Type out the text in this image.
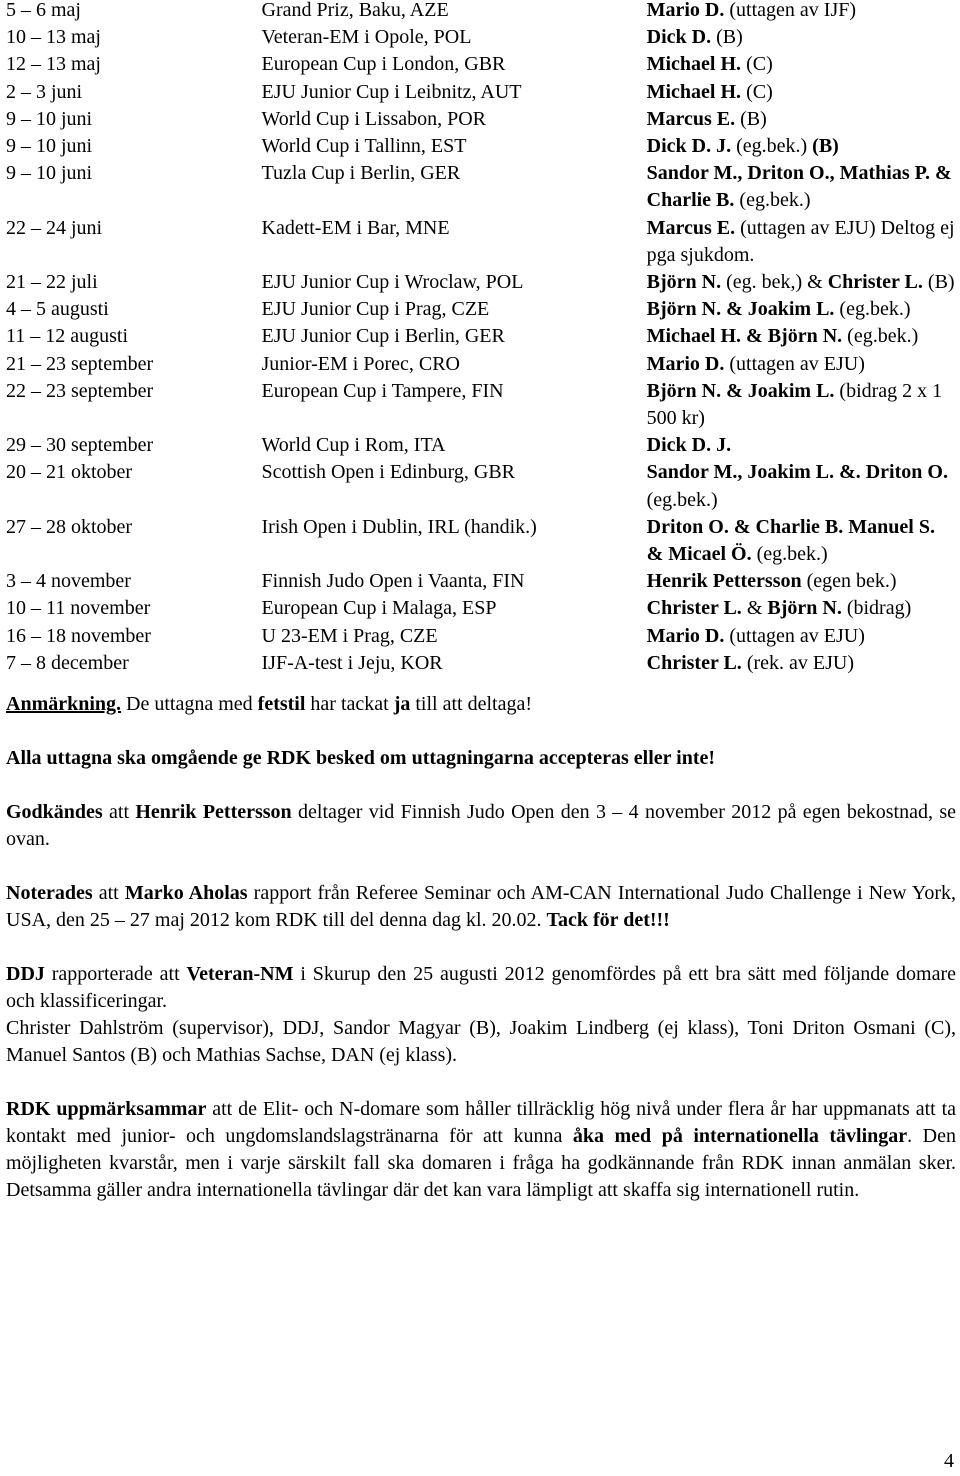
5 – 6 maj	Grand Priz, Baku, AZE	Mario D. (uttagen av IJF)
10 – 13 maj	Veteran-EM i Opole, POL	Dick D. (B)
12 – 13 maj	European Cup i London, GBR	Michael H. (C)
2 – 3 juni	EJU Junior Cup i Leibnitz, AUT	Michael H. (C)
9 – 10 juni	World Cup i Lissabon, POR	Marcus E. (B)
9 – 10 juni	World Cup i Tallinn, EST	Dick D. J. (eg.bek.) (B)
9 – 10 juni	Tuzla Cup i Berlin, GER	Sandor M., Driton O., Mathias P. & Charlie B. (eg.bek.)
22 – 24 juni	Kadett-EM i Bar, MNE	Marcus E. (uttagen av EJU) Deltog ej pga sjukdom.
21 – 22 juli	EJU Junior Cup i Wroclaw, POL	Björn N. (eg. bek,) & Christer L. (B)
4 – 5 augusti	EJU Junior Cup i Prag, CZE	Björn N. & Joakim L. (eg.bek.)
11 – 12 augusti	EJU Junior Cup i Berlin, GER	Michael H. & Björn N. (eg.bek.)
21 – 23 september	Junior-EM i Porec, CRO	Mario D. (uttagen av EJU)
22 – 23 september	European Cup i Tampere, FIN	Björn N. & Joakim L. (bidrag 2 x 1 500 kr)
29 – 30 september	World Cup i Rom, ITA	Dick D. J.
20 – 21 oktober	Scottish Open i Edinburg, GBR	Sandor M., Joakim L. &. Driton O. (eg.bek.)
27 – 28 oktober	Irish Open i Dublin, IRL (handik.)	Driton O. & Charlie B. Manuel S. & Micael Ö. (eg.bek.)
3 – 4 november	Finnish Judo Open i Vaanta, FIN	Henrik Pettersson (egen bek.)
10 – 11 november	European Cup i Malaga, ESP	Christer L. & Björn N. (bidrag)
16 – 18 november	U 23-EM i Prag, CZE	Mario D. (uttagen av EJU)
7 – 8 december	IJF-A-test i Jeju, KOR	Christer L. (rek. av EJU)
Anmärkning. De uttagna med fetstil har tackat ja till att deltaga!
Alla uttagna ska omgående ge RDK besked om uttagningarna accepteras eller inte!
Godkändes att Henrik Pettersson deltager vid Finnish Judo Open den 3 – 4 november 2012 på egen bekostnad, se ovan.
Noterades att Marko Aholas rapport från Referee Seminar och AM-CAN International Judo Challenge i New York, USA, den 25 – 27 maj 2012 kom RDK till del denna dag kl. 20.02. Tack för det!!!
DDJ rapporterade att Veteran-NM i Skurup den 25 augusti 2012 genomfördes på ett bra sätt med följande domare och klassificeringar.
Christer Dahlström (supervisor), DDJ, Sandor Magyar (B), Joakim Lindberg (ej klass), Toni Driton Osmani (C), Manuel Santos (B) och Mathias Sachse, DAN (ej klass).
RDK uppmärksammar att de Elit- och N-domare som håller tillräcklig hög nivå under flera år har uppmanats att ta kontakt med junior- och ungdomslandslagstränarna för att kunna åka med på internationella tävlingar. Den möjligheten kvarstår, men i varje särskilt fall ska domaren i fråga ha godkännande från RDK innan anmälan sker. Detsamma gäller andra internationella tävlingar där det kan vara lämpligt att skaffa sig internationell rutin.
4
